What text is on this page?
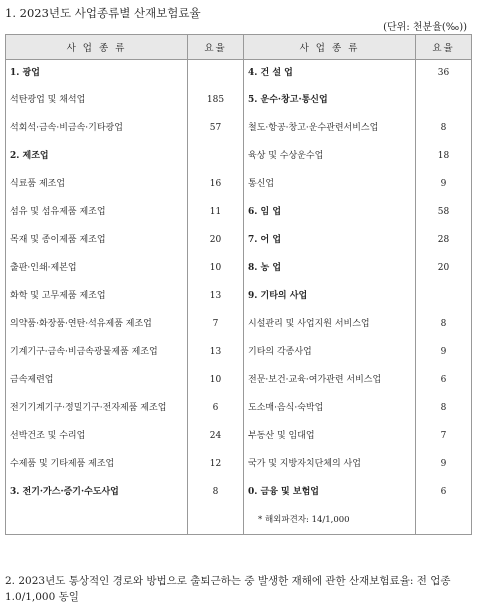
1. 2023년도 사업종류별 산재보험료율
(단위: 천분율(‰))
사 업 종 류	요율	사 업 종 류	요율
1. 광업		4. 건 설 업	36
석탄광업 및 채석업	185	5. 운수·창고·통신업	
석회석·금속·비금속·기타광업	57	철도·항공·창고·운수관련서비스업	8
2. 제조업		육상 및 수상운수업	18
식료품 제조업	16	통신업	9
섬유 및 섬유제품 제조업	11	6. 임 업	58
목재 및 종이제품 제조업	20	7. 어 업	28
출판·인쇄·제본업	10	8. 농 업	20
화학 및 고무제품 제조업	13	9. 기타의 사업	
의약품·화장품·연탄·석유제품 제조업	7	시설관리 및 사업지원 서비스업	8
기계기구·금속·비금속광물제품 제조업	13	기타의 각종사업	9
금속제련업	10	전문·보건·교육·여가관련 서비스업	6
전기기계기구·정밀기구·전자제품 제조업	6	도소매·음식·숙박업	8
선박건조 및 수리업	24	부동산 및 임대업	7
수제품 및 기타제품 제조업	12	국가 및 지방자치단체의 사업	9
3. 전기·가스·증기·수도사업	8	0. 금융 및 보험업	6
		* 해외파견자: 14/1,000	
2. 2023년도 통상적인 경로와 방법으로 출퇴근하는 중 발생한 재해에 관한 산재보험료율: 전 업종 1.0/1,000 동일
